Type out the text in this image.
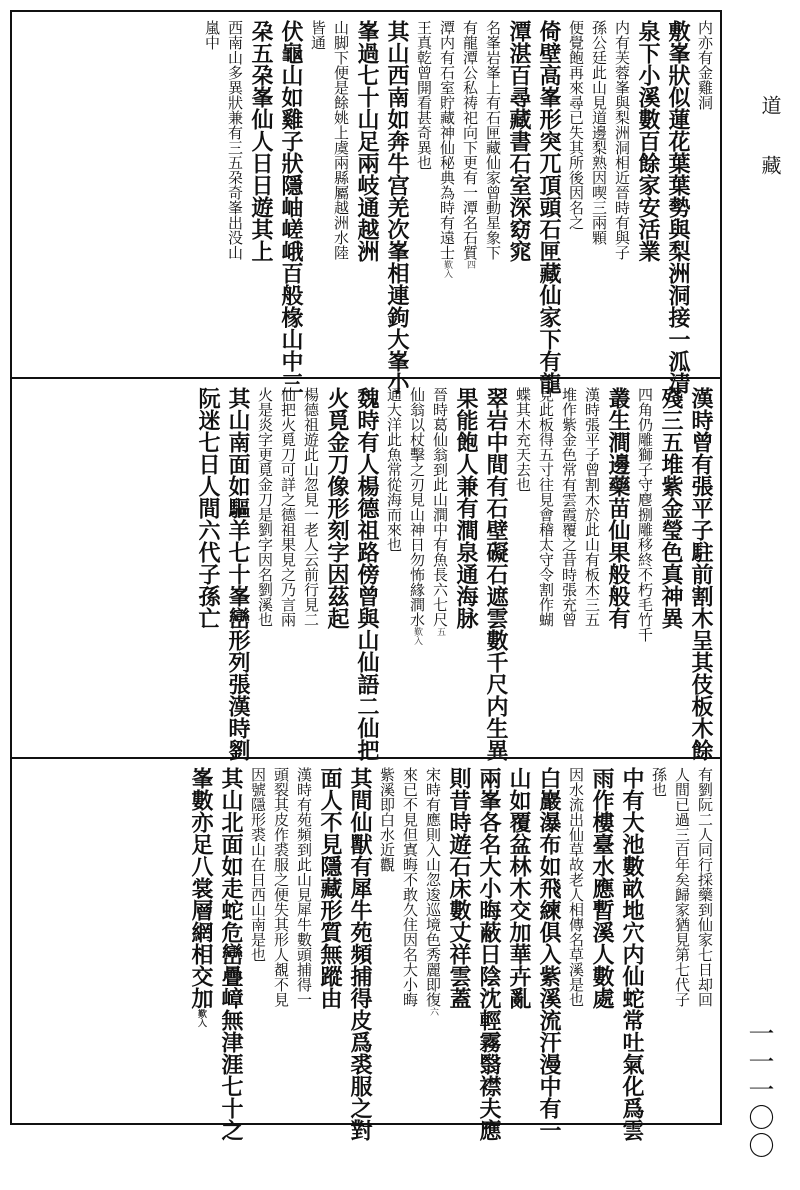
内亦有金雞洞
敷峯狀似蓮花葉葉勢與梨洲洞接一泒清
泉下小溪數百餘家安活業
内有芙蓉峯與梨洲洞相近晉時有與子
孫公廷此山見道邊梨熟因喫三兩顆
便覺飽再來尋已失其所後因名之
倚壁高峯形突兀頂頭石匣藏仙家下有龍
潭湛百尋藏書石室深窈窕
名峯岩峯上有石匣藏仙家曾動星象下
有龍潭公私祷祀向下更有一潭名石質四
潭内有石室貯藏神仙秘典為時有遠士歎入
王真乾曾開看甚奇異也
其山西南如奔牛宫羌次峯相連鉤大峯小
峯過七十山足兩岐通越洲
山脚下便是餘姚上虞兩縣屬越洲水陸
皆通
伏龜山如雞子狀隱岫嵯峨百般椽山中三
朶五朶峯仙人日日遊其上
西南山多異狀兼有三五朶奇峯出没山
嵐中
漢時曾有張平子駐前割木呈其伎板木餘
殘三五堆紫金瑩色真神異
四角仍雕獅子守麀捌雕移終不朽毛竹千
叢生澗邊藥苗仙果般般有
漢時張平子曾割木於此山有板木三五
堆作紫金色常有雲霞覆之昔時張充曾
見此板得五寸往見會稽太守令割作蝴
蝶其木充天去也
翠岩中間有石壁礙石遮雲數千尺内生異
果能飽人兼有澗泉通海脉
晉時葛仙翁到此山澗中有魚長六七尺五
仙翁以杖擊之刃見山神日勿怖緣澗水歎入
通大洋此魚常從海而來也
魏時有人楊德祖路傍曾與山仙語二仙把
火覓金刀像形刻字因茲起
楊德祖遊此山忽見一老人云前行見二
仙把火覓刀可詳之德祖果見之乃言兩
火是炎字更覓金刀是劉字因名劉溪也
其山南面如驅羊七十峯巒形列張漢時劉
阮迷七日人間六代子孫亡
有劉阮二人同行採藥到仙家七日却回
人間已過三百年矣歸家猶見第七代子
孫也
中有大池數畝地穴内仙蛇常吐氣化爲雲
雨作樓臺水應暫溪人數處
因水流出仙草故老人相傳名草溪是也
白巖瀑布如飛練俱入紫溪流汗漫中有一
山如覆盆林木交加華卉亂
兩峯各名大小晦蔽日陰沈輕霧翳襟夫應
則昔時遊石床數丈祥雲蓋
宋時有應則入山忽逡巡境色秀麗即復六
來已不見但寘晦不敢久住因名大小晦
紫溪即白水近觀
其間仙獸有犀牛苑頻捕得皮爲裘服之對
面人不見隱藏形質無蹤由
漢時有苑頻到此山見犀牛數頭捕得一
頭裂其皮作裘服之便失其形人覩不見
因號隱形裘山在日西山南是也
其山北面如走蛇危巒疊嶂無津涯七十之
峯數亦足八裳層網相交加歎入
道藏
一一一〇〇
